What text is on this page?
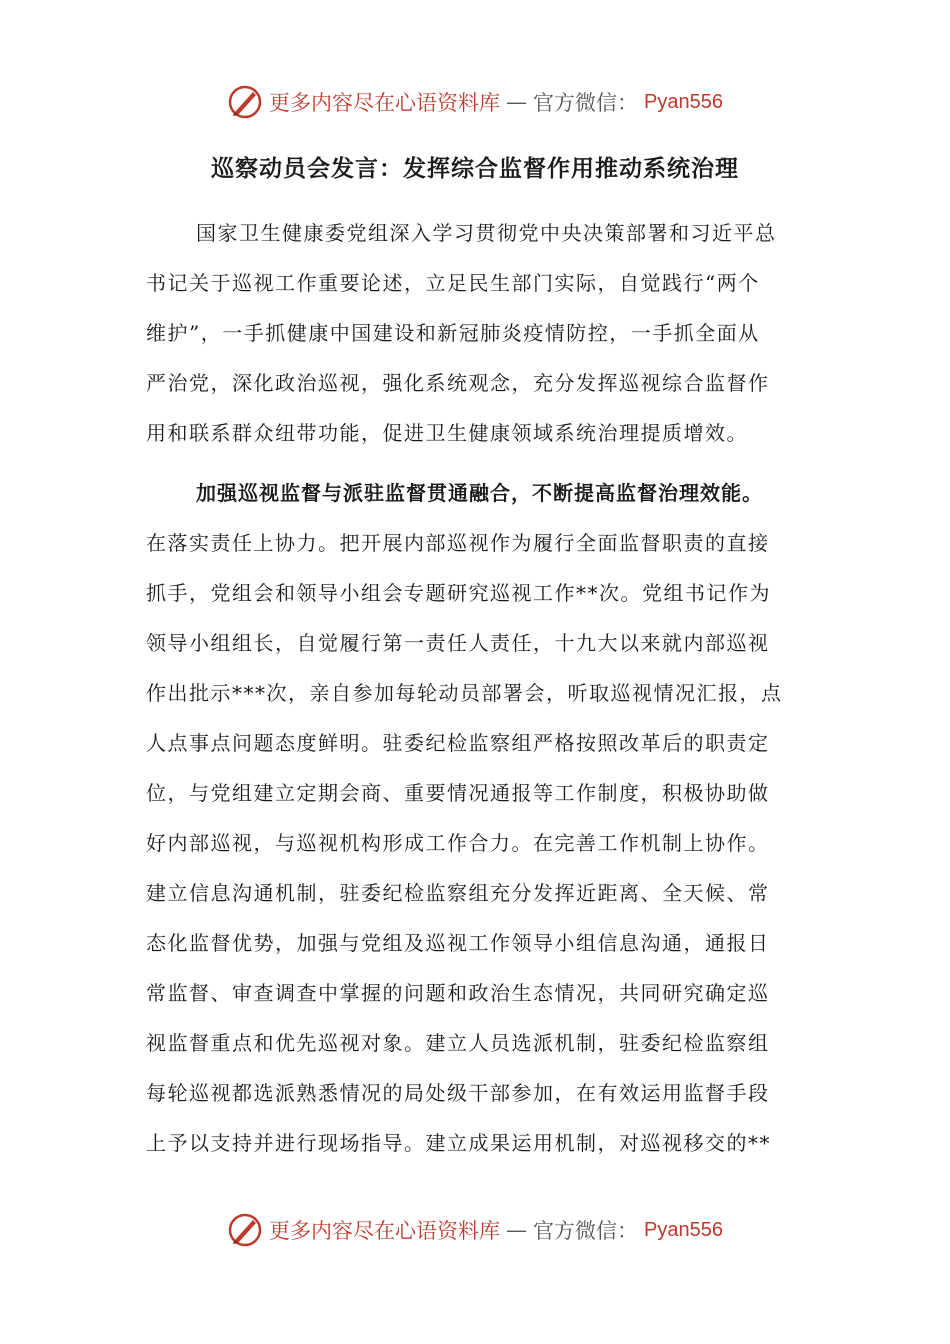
更多内容尽在心语资料库 — 官方微信： Pyan556
巡察动员会发言：发挥综合监督作用推动系统治理
国家卫生健康委党组深入学习贯彻党中央决策部署和习近平总
书记关于巡视工作重要论述，立足民生部门实际，自觉践行“两个
维护”，一手抓健康中国建设和新冠肺炎疫情防控，一手抓全面从
严治党，深化政治巡视，强化系统观念，充分发挥巡视综合监督作
用和联系群众纽带功能，促进卫生健康领域系统治理提质增效。
加强巡视监督与派驻监督贯通融合，不断提高监督治理效能。
在落实责任上协力。把开展内部巡视作为履行全面监督职责的直接
抓手，党组会和领导小组会专题研究巡视工作**次。党组书记作为
领导小组组长，自觉履行第一责任人责任，十九大以来就内部巡视
作出批示***次，亲自参加每轮动员部署会，听取巡视情况汇报，点
人点事点问题态度鲜明。驻委纪检监察组严格按照改革后的职责定
位，与党组建立定期会商、重要情况通报等工作制度，积极协助做
好内部巡视，与巡视机构形成工作合力。在完善工作机制上协作。
建立信息沟通机制，驻委纪检监察组充分发挥近距离、全天候、常
态化监督优势，加强与党组及巡视工作领导小组信息沟通，通报日
常监督、审查调查中掌握的问题和政治生态情况，共同研究确定巡
视监督重点和优先巡视对象。建立人员选派机制，驻委纪检监察组
每轮巡视都选派熟悉情况的局处级干部参加，在有效运用监督手段
上予以支持并进行现场指导。建立成果运用机制，对巡视移交的**
更多内容尽在心语资料库 — 官方微信： Pyan556
